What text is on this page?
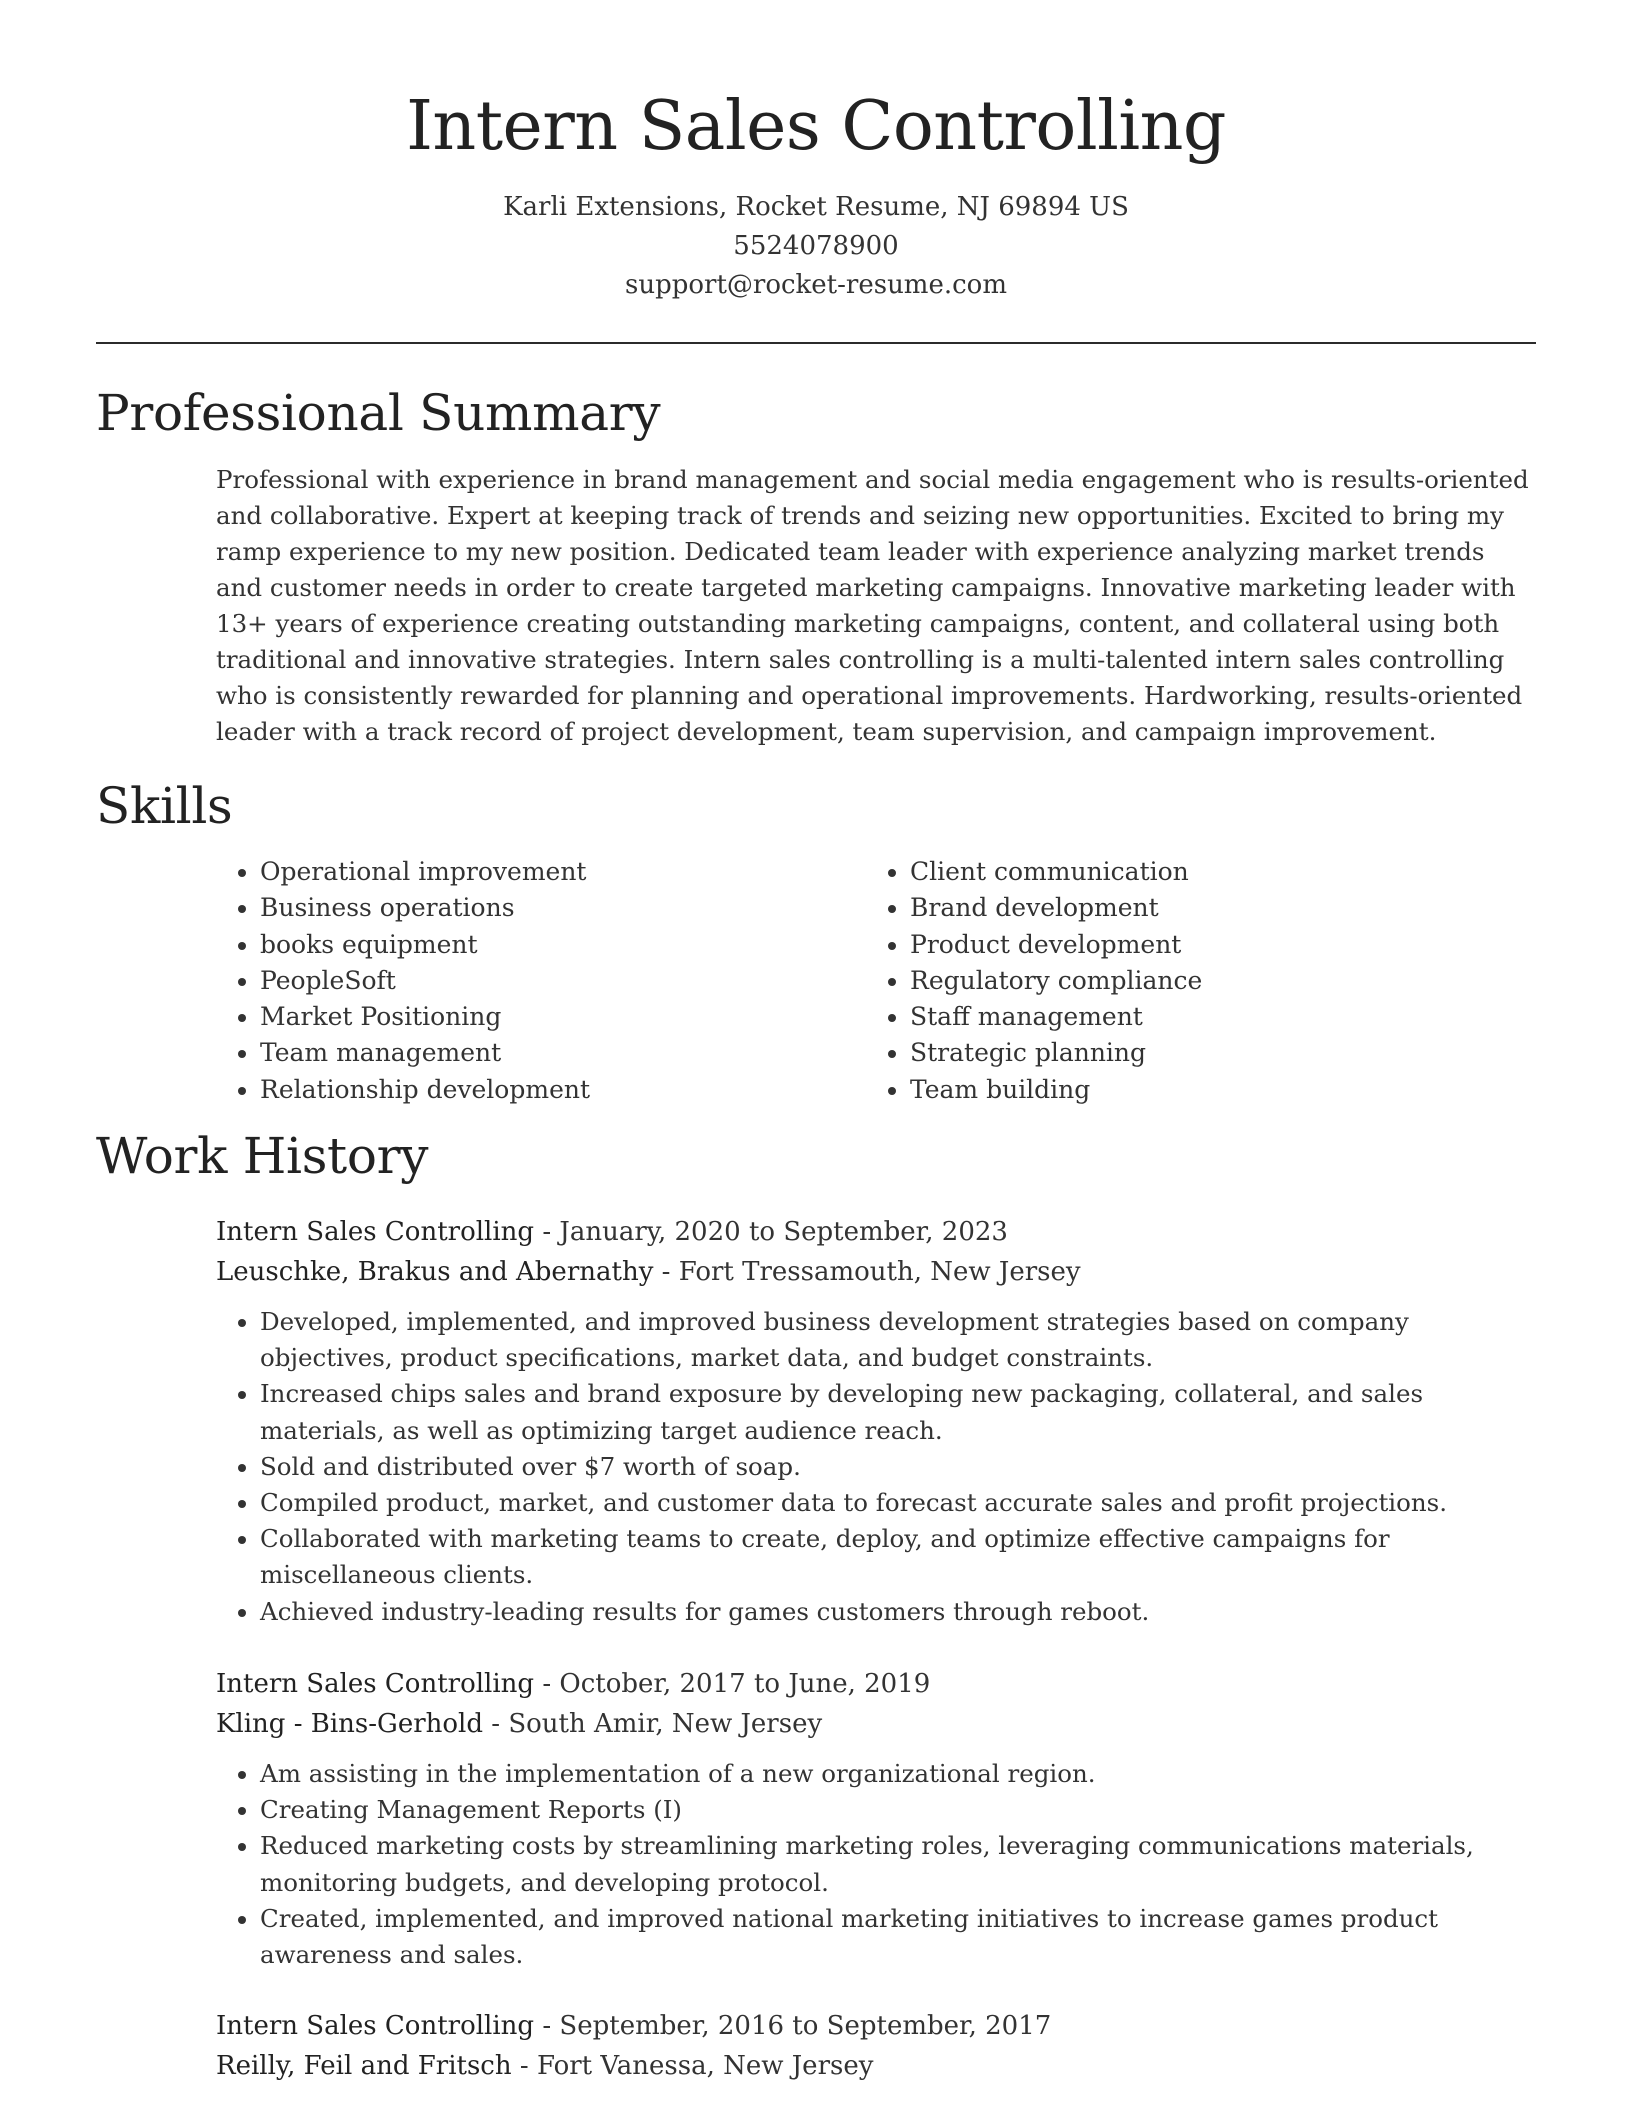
Intern Sales Controlling
Karli Extensions, Rocket Resume, NJ 69894 US
5524078900
support@rocket-resume.com
Professional Summary

Professional with experience in brand management and social media engagement who is results-oriented and collaborative. Expert at keeping track of trends and seizing new opportunities. Excited to bring my ramp experience to my new position. Dedicated team leader with experience analyzing market trends and customer needs in order to create targeted marketing campaigns. Innovative marketing leader with 13+ years of experience creating outstanding marketing campaigns, content, and collateral using both traditional and innovative strategies. Intern sales controlling is a multi-talented intern sales controlling who is consistently rewarded for planning and operational improvements. Hardworking, results-oriented leader with a track record of project development, team supervision, and campaign improvement.

Skills
• Operational improvement
• Business operations
• books equipment
• PeopleSoft
• Market Positioning
• Team management
• Relationship development
• Client communication
• Brand development
• Product development
• Regulatory compliance
• Staff management
• Strategic planning
• Team building
Work History
Intern Sales Controlling - January, 2020 to September, 2023
Leuschke, Brakus and Abernathy - Fort Tressamouth, New Jersey
• Developed, implemented, and improved business development strategies based on company objectives, product specifications, market data, and budget constraints.
• Increased chips sales and brand exposure by developing new packaging, collateral, and sales materials, as well as optimizing target audience reach.
• Sold and distributed over $7 worth of soap.
• Compiled product, market, and customer data to forecast accurate sales and profit projections.
• Collaborated with marketing teams to create, deploy, and optimize effective campaigns for miscellaneous clients.
• Achieved industry-leading results for games customers through reboot.
Intern Sales Controlling - October, 2017 to June, 2019
Kling - Bins-Gerhold - South Amir, New Jersey
• Am assisting in the implementation of a new organizational region.
• Creating Management Reports (I)
• Reduced marketing costs by streamlining marketing roles, leveraging communications materials, monitoring budgets, and developing protocol.
• Created, implemented, and improved national marketing initiatives to increase games product awareness and sales.
Intern Sales Controlling - September, 2016 to September, 2017
Reilly, Feil and Fritsch - Fort Vanessa, New Jersey
